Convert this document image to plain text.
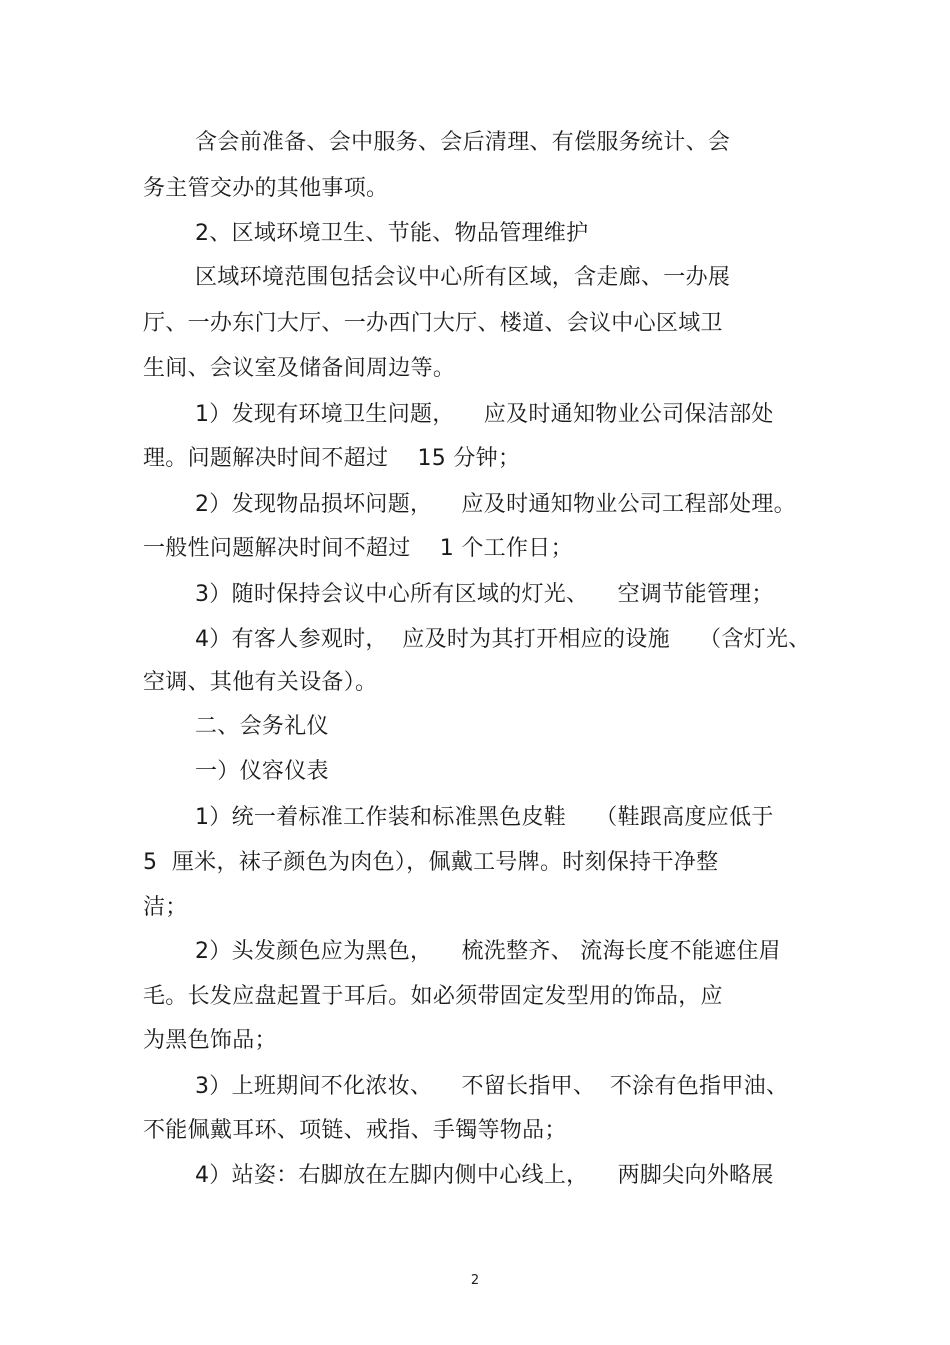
含会前准备、会中服务、会后清理、有偿服务统计、会
务主管交办的其他事项。
2、区域环境卫生、节能、物品管理维护
区域环境范围包括会议中心所有区域，含走廊、一办展
厅、一办东门大厅、一办西门大厅、楼道、会议中心区域卫
生间、会议室及储备间周边等。
1）发现有环境卫生问题，    应及时通知物业公司保洁部处
理。问题解决时间不超过    15 分钟；
2）发现物品损坏问题，    应及时通知物业公司工程部处理。
一般性问题解决时间不超过    1 个工作日；
3）随时保持会议中心所有区域的灯光、    空调节能管理；
4）有客人参观时，  应及时为其打开相应的设施    （含灯光、
空调、其他有关设备）。
二、会务礼仪
一）仪容仪表
1）统一着标准工作装和标准黑色皮鞋    （鞋跟高度应低于
5  厘米，袜子颜色为肉色），佩戴工号牌。时刻保持干净整
洁；
2）头发颜色应为黑色，    梳洗整齐、 流海长度不能遮住眉
毛。长发应盘起置于耳后。如必须带固定发型用的饰品，应
为黑色饰品；
3）上班期间不化浓妆、    不留长指甲、  不涂有色指甲油、
不能佩戴耳环、项链、戒指、手镯等物品；
4）站姿：右脚放在左脚内侧中心线上，    两脚尖向外略展
2
